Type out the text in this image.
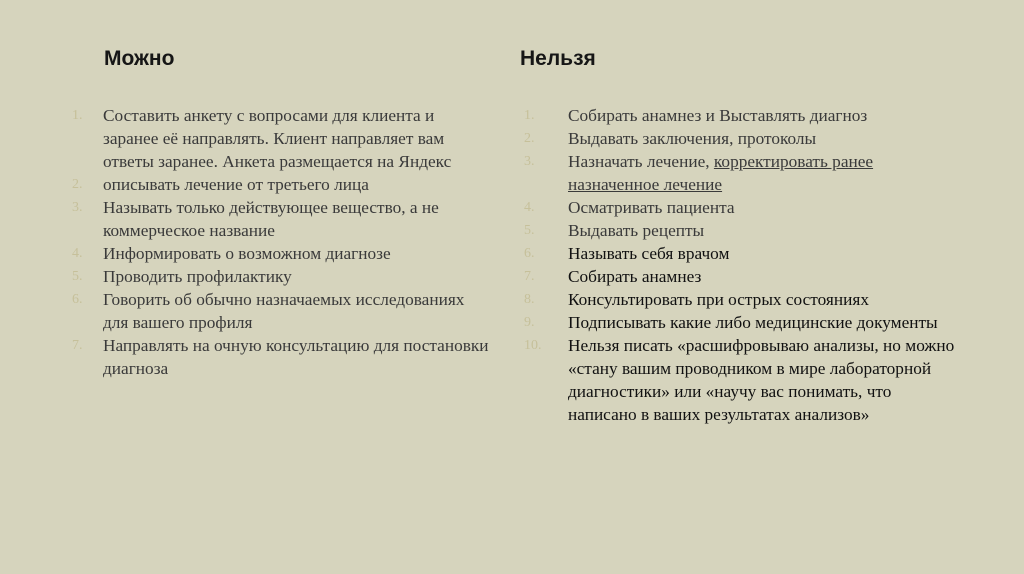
Можно	Нельзя
1.	Составить анкету с вопросами для клиента и заранее её направлять. Клиент направляет вам ответы заранее. Анкета размещается на Яндекс
2.	описывать лечение от третьего лица
3.	Называть только действующее вещество, а не коммерческое название
4.	Информировать о возможном диагнозе
5.	Проводить профилактику
6.	Говорить об обычно назначаемых исследованиях для вашего профиля
7.	Направлять на очную консультацию для постановки диагноза
1.	Собирать анамнез и Выставлять диагноз
2.	Выдавать заключения, протоколы
3.	Назначать лечение, корректировать ранее назначенное лечение
4.	Осматривать пациента
5.	Выдавать рецепты
6.	Называть себя врачом
7.	Собирать анамнез
8.	Консультировать при острых состояниях
9.	Подписывать какие либо медицинские документы
10.	Нельзя писать «расшифровываю анализы, но можно «стану вашим проводником в мире лабораторной диагностики» или «научу вас понимать, что написано в ваших результатах анализов»
